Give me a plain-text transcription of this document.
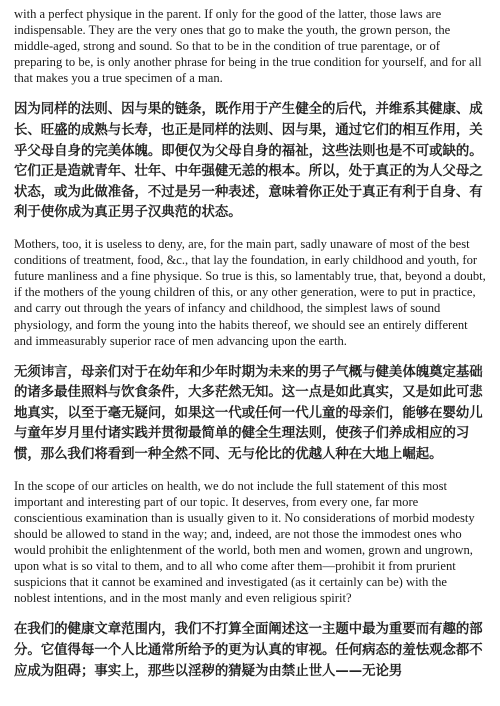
with a perfect physique in the parent. If only for the good of the latter, those laws are indispensable. They are the very ones that go to make the youth, the grown person, the middle-aged, strong and sound. So that to be in the condition of true parentage, or of preparing to be, is only another phrase for being in the true condition for yourself, and for all that makes you a true specimen of a man.

因为同样的法则、因与果的链条，既作用于产生健全的后代，并维系其健康、成长、旺盛的成熟与长寿，也正是同样的法则、因与果，通过它们的相互作用，关乎父母自身的完美体魄。即便仅为父母自身的福祉，这些法则也是不可或缺的。它们正是造就青年、壮年、中年强健无恙的根本。所以，处于真正的为人父母之状态，或为此做准备，不过是另一种表述，意味着你正处于真正有利于自身、有利于使你成为真正男子汉典范的状态。

Mothers, too, it is useless to deny, are, for the main part, sadly unaware of most of the best conditions of treatment, food, &c., that lay the foundation, in early childhood and youth, for future manliness and a fine physique. So true is this, so lamentably true, that, beyond a doubt, if the mothers of the young children of this, or any other generation, were to put in practice, and carry out through the years of infancy and childhood, the simplest laws of sound physiology, and form the young into the habits thereof, we should see an entirely different and immeasurably superior race of men advancing upon the earth.

无须讳言，母亲们对于在幼年和少年时期为未来的男子气概与健美体魄奠定基础的诸多最佳照料与饮食条件，大多茫然无知。这一点是如此真实，又是如此可悲地真实，以至于毫无疑问，如果这一代或任何一代儿童的母亲们，能够在婴幼儿与童年岁月里付诸实践并贯彻最简单的健全生理法则，使孩子们养成相应的习惯，那么我们将看到一种全然不同、无与伦比的优越人种在大地上崛起。

In the scope of our articles on health, we do not include the full statement of this most important and interesting part of our topic. It deserves, from every one, far more conscientious examination than is usually given to it. No considerations of morbid modesty should be allowed to stand in the way; and, indeed, are not those the immodest ones who would prohibit the enlightenment of the world, both men and women, grown and ungrown, upon what is so vital to them, and to all who come after them—prohibit it from prurient suspicions that it cannot be examined and investigated (as it certainly can be) with the noblest intentions, and in the most manly and even religious spirit?

在我们的健康文章范围内，我们不打算全面阐述这一主题中最为重要而有趣的部分。它值得每一个人比通常所给予的更为认真的审视。任何病态的羞怯观念都不应成为阻碍；事实上，那些以淫秽的猜疑为由禁止世人——无论男
